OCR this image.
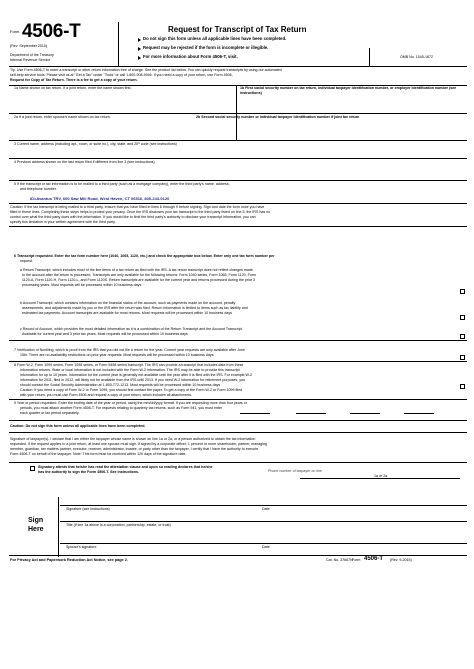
Form 4506-T
(Rev. September 2015)
Department of the Treasury
Internal Revenue Service
Request for Transcript of Tax Return
Do not sign this form unless all applicable lines have been completed.
Request may be rejected if the form is incomplete or illegible.
For more information about Form 4506-T, visit.	OMB No. 1545-1872
Tip. Use Form 4506-T to order a transcript or other return information free of charge. See the product list below. You can quickly request transcripts by using our automated
self-help service tools. Please visit us at "Get a Tax" under "Tools" or call 1-800-908-9946. If you need a copy of your return, use Form 4506,
Request for Copy of Tax Return. There is a fee to get a copy of your return.
1a Name shown on tax return. If a joint return, enter the name shown first.	1b First social security number on tax return, individual taxpayer identification number, or employer identification number (see instructions)
2a If a joint return, enter spouse's name shown on tax return.	2b Second social security number or individual taxpayer identification number if joint tax return
3 Current name, address (including apt., room, or suite no.), city, state, and ZIP code (see instructions)
4 Previous address shown on the last return filed if different from line 3 (see instructions)
5 If the transcript or tax information is to be mailed to a third party (such as a mortgage company), enter the third party's name, address,
and telephone number.
ID=Avantus TRV, 600 Saw Mill Road, West Haven, CT 06516, 800-243-0120
Caution: If the tax transcript is being mailed to a third party, ensure that you have filled in lines 6 through 9 before signing. Sign and date the form once you have
filled in these lines. Completing these steps helps to protect your privacy. Once the IRS discloses your tax transcript to the third party listed on line 5, the IRS has no
control over what the third party does with the information. If you would like to limit the third party's authority to disclose your transcript information, you can
specify this limitation in your written agreement with the third party.
6 Transcript requested. Enter the tax form number here (1040, 1065, 1120, etc.) and check the appropriate box below. Enter only one tax form number per
request.
a Return Transcript, which includes most of the line items of a tax return as filed with the IRS. A tax return transcript does not reflect changes made
to the account after the return is processed. Transcripts are only available for the following returns: Form 1040 series, Form 1065, Form 1120, Form
1120-A, Form 1120-H, Form 1120-L, and Form 1120S. Return transcripts are available for the current year and returns processed during the prior 3
processing years. Most requests will be processed within 10 business days
b Account Transcript, which contains information on the financial status of the account, such as payments made on the account, penalty
assessments, and adjustments made by you or the IRS after the return was filed. Return information is limited to items such as tax liability and
estimated tax payments. Account transcripts are available for most returns. Most requests will be processed within 10 business days
c Record of Account, which provides the most detailed information as it is a combination of the Return Transcript and the Account Transcript.
Available for current year and 3 prior tax years. Most requests will be processed within 10 business days
7 Verification of Nonfiling, which is proof from the IRS that you did not file a return for the year. Current year requests are only available after June
15th. There are no availability restrictions on prior year requests. Most requests will be processed within 10 business days
8 Form W-2, Form 1099 series, Form 1098 series, or Form 5498 series transcript. The IRS can provide a transcript that includes data from these
information returns. State or local information is not included with the Form W-2 information. The IRS may be able to provide this transcript
information for up to 10 years. Information for the current year is generally not available until the year after it is filed with the IRS. For example,W-2
information for 2011, filed in 2012, will likely not be available from the IRS until 2013. If you need W-2 information for retirement purposes, you
should contact the Social Security Administration at 1-800-772-1213. Most requests will be processed within 10 business days
Caution: If you need a copy of Form W-2 or Form 1099, you should first contact the payer. To get a copy of the Form W-2 or Form 1099 filed
with your return, you must use Form 4506 and request a copy of your return, which includes all attachments.
9 Year or period requested. Enter the ending date of the year or period, using the mm/dd/yyyy format. If you are requesting more than four years or
periods, you must attach another Form 4506-T. For requests relating to quarterly tax returns, such as Form 941, you must enter
each quarter or tax period separately.
Caution: Do not sign this form unless all applicable lines have been completed.
Signature of taxpayer(s). I declare that I am either the taxpayer whose name is shown on line 1a or 2a, or a person authorized to obtain the tax information
requested. If the request applies to a joint return, at least one spouse must sign. If signed by a corporate officer, 1 percent or more shareholder, partner, managing
member, guardian, tax matters partner, executor, receiver, administrator, trustee, or party other than the taxpayer, I certify that I have the authority to execute
Form 4506-T on behalf of the taxpayer. Note: This form must be received within 120 days of the signature date.
Signatory attests that he/she has read the attestation clause and upon so reading declares that he/she
has the authority to sign the Form 4506-T. See instructions.	Phone number of taxpayer on line
1a or 2a
Sign
Here
Signature (see instructions)	Date
Title (if line 1a above is a corporation, partnership, estate, or trust)
Spouse's signature	Date
For Privacy Act and Paperwork Reduction Act Notice, see page 2.	Cat. No. 37667N Form 4506-T (Rev. 9-2015)
